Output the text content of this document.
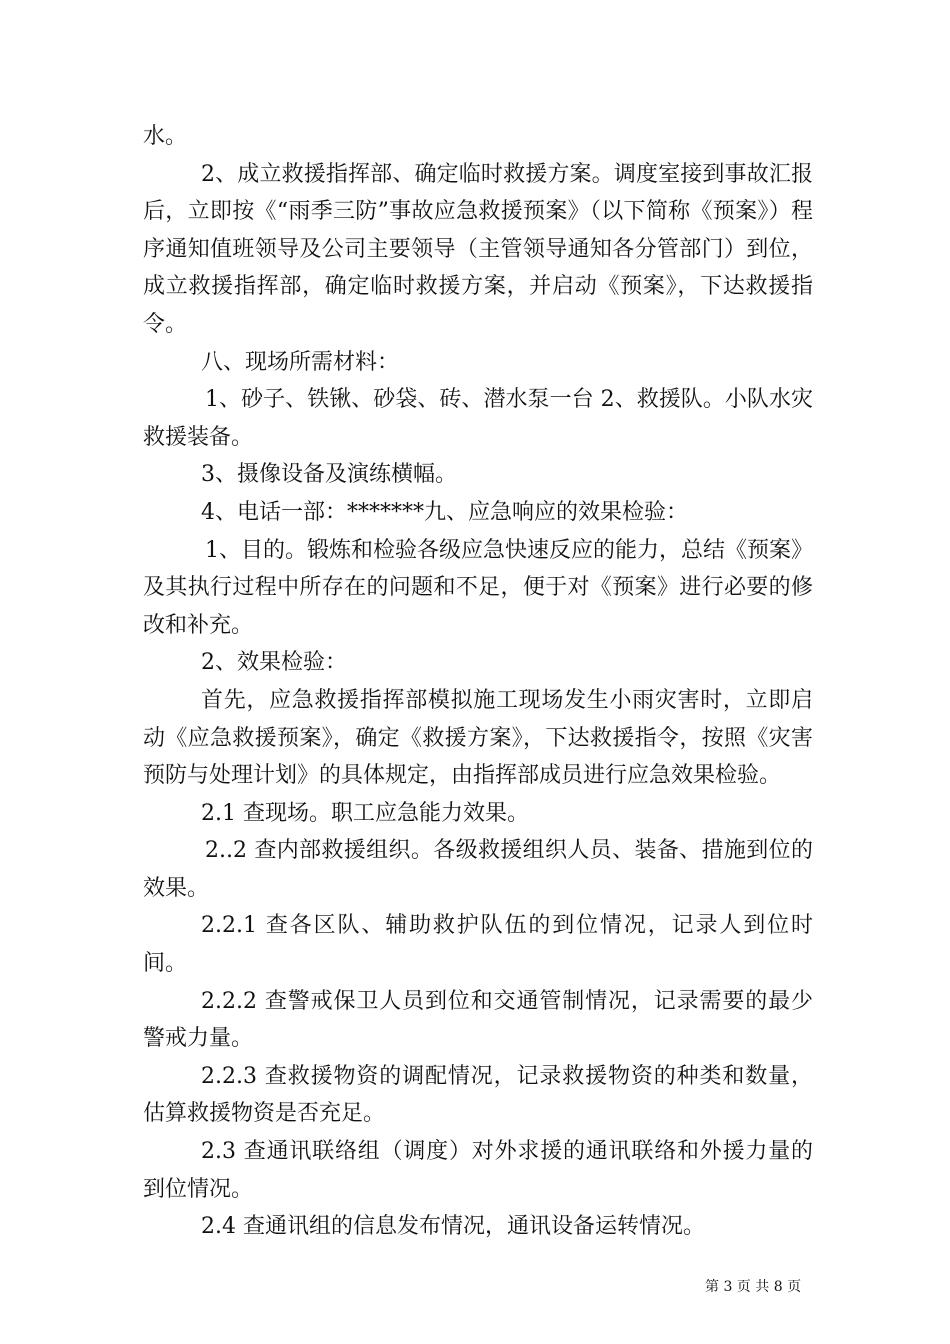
水。

2、成立救援指挥部、确定临时救援方案。调度室接到事故汇报后，立即按《“雨季三防”事故应急救援预案》（以下简称《预案》）程序通知值班领导及公司主要领导（主管领导通知各分管部门）到位，成立救援指挥部，确定临时救援方案，并启动《预案》，下达救援指令。

八、现场所需材料：

1、砂子、铁锹、砂袋、砖、潜水泵一台 2、救援队。小队水灾救援装备。

3、摄像设备及演练横幅。

4、电话一部：*******九、应急响应的效果检验：

1、目的。锻炼和检验各级应急快速反应的能力，总结《预案》及其执行过程中所存在的问题和不足，便于对《预案》进行必要的修改和补充。

2、效果检验：

首先，应急救援指挥部模拟施工现场发生小雨灾害时，立即启动《应急救援预案》，确定《救援方案》，下达救援指令，按照《灾害预防与处理计划》的具体规定，由指挥部成员进行应急效果检验。

2.1 查现场。职工应急能力效果。

2..2 查内部救援组织。各级救援组织人员、装备、措施到位的效果。

2.2.1 查各区队、辅助救护队伍的到位情况，记录人到位时间。

2.2.2 查警戒保卫人员到位和交通管制情况，记录需要的最少警戒力量。

2.2.3 查救援物资的调配情况，记录救援物资的种类和数量，估算救援物资是否充足。

2.3 查通讯联络组（调度）对外求援的通讯联络和外援力量的到位情况。

2.4 查通讯组的信息发布情况，通讯设备运转情况。

第 3 页 共 8 页
